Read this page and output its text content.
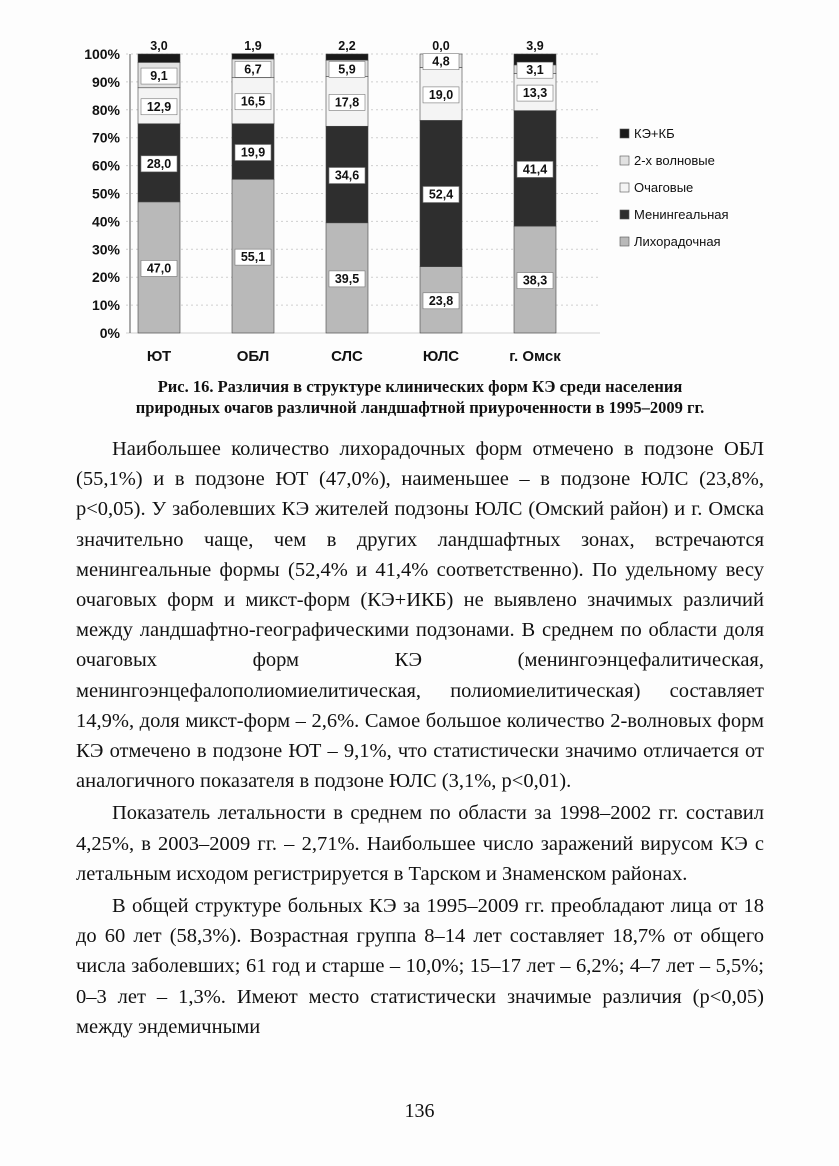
47,0
28,0
12,9
9,1
3,0
55,1
19,9
16,5
6,7
1,9
39,5
34,6
17,8
5,9
2,2
23,8
52,4
19,0
4,8
0,0
38,3
41,4
13,3
3,1
3,9
0%
10%
20%
30%
40%
50%
60%
70%
80%
90%
100%
ЮТ	ОБЛ	СЛС	ЮЛС	г. Омск
КЭ+КБ
2-х волновые
Очаговые
Менингеальная
Лихорадочная
Рис. 16. Различия в структуре клинических форм КЭ среди населения
природных очагов различной ландшафтной приуроченности в 1995–2009 гг.

Наибольшее количество лихорадочных форм отмечено в подзоне ОБЛ (55,1%) и в подзоне ЮТ (47,0%), наименьшее – в подзоне ЮЛС (23,8%, p<0,05). У заболевших КЭ жителей подзоны ЮЛС (Омский район) и г. Омска значительно чаще, чем в других ландшафтных зонах, встречаются менингеальные формы (52,4% и 41,4% соответственно). По удельному весу очаговых форм и микст-форм (КЭ+ИКБ) не выявлено значимых различий между ландшафтно-географическими подзонами. В среднем по области доля очаговых форм КЭ (менингоэнцефалитическая, менингоэнцефалополиомиелитическая, полиомиелитическая) составляет 14,9%, доля микст-форм – 2,6%. Самое большое количество 2-волновых форм КЭ отмечено в подзоне ЮТ – 9,1%, что статистически значимо отличается от аналогичного показателя в подзоне ЮЛС (3,1%, p<0,01).

Показатель летальности в среднем по области за 1998–2002 гг. составил 4,25%, в 2003–2009 гг. – 2,71%. Наибольшее число заражений вирусом КЭ с летальным исходом регистрируется в Тарском и Знаменском районах.

В общей структуре больных КЭ за 1995–2009 гг. преобладают лица от 18 до 60 лет (58,3%). Возрастная группа 8–14 лет составляет 18,7% от общего числа заболевших; 61 год и старше – 10,0%; 15–17 лет – 6,2%; 4–7 лет – 5,5%; 0–3 лет – 1,3%. Имеют место статистически значимые различия (p<0,05) между эндемичными

136
